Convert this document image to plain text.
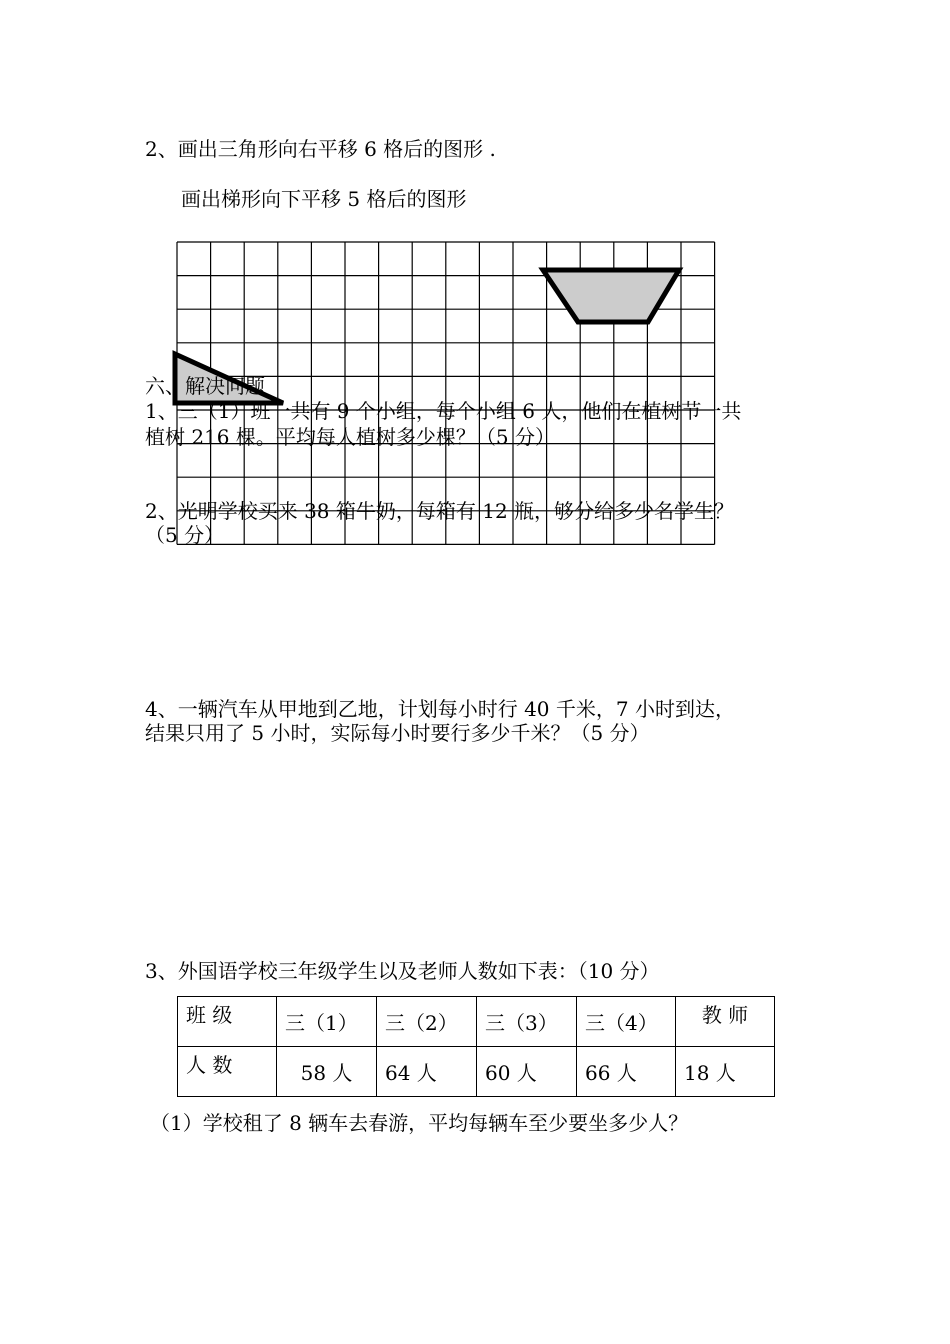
2、画出三角形向右平移 6 格后的图形 .
画出梯形向下平移 5 格后的图形
六、解决问题
1、三（1）班一共有 9 个小组，每个小组 6 人，他们在植树节一共
植树 216 棵。平均每人植树多少棵？（5 分）
2、光明学校买来 38 箱牛奶，每箱有 12 瓶，够分给多少名学生？
（5 分）
4、一辆汽车从甲地到乙地，计划每小时行 40 千米，7 小时到达，
结果只用了 5 小时，实际每小时要行多少千米？（5 分）
3、外国语学校三年级学生以及老师人数如下表：（10 分）
班 级	三（1）	三（2）	三（3）	三（4）	教 师
人 数	58 人	64 人	60 人	66 人	18 人
（1）学校租了 8 辆车去春游，平均每辆车至少要坐多少人？
